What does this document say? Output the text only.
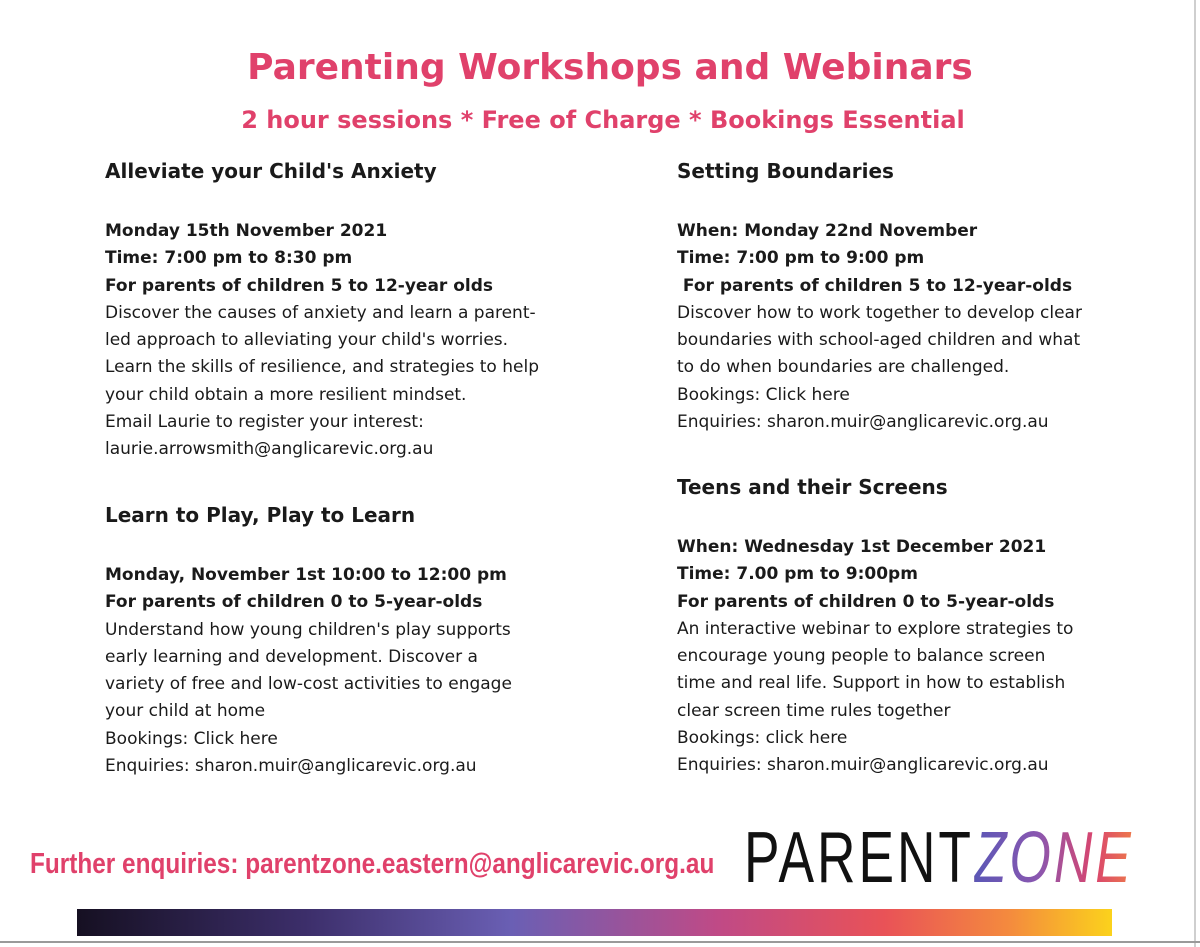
Parenting Workshops and Webinars
2 hour sessions * Free of Charge * Bookings Essential
Alleviate your Child's Anxiety
Monday 15th November 2021
Time: 7:00 pm to 8:30 pm
For parents of children 5 to 12-year olds
Discover the causes of anxiety and learn a parent-
led approach to alleviating your child's worries.
Learn the skills of resilience, and strategies to help
your child obtain a more resilient mindset.
Email Laurie to register your interest:
laurie.arrowsmith@anglicarevic.org.au
Learn to Play, Play to Learn
Monday, November 1st 10:00 to 12:00 pm
For parents of children 0 to 5-year-olds
Understand how young children's play supports
early learning and development. Discover a
variety of free and low-cost activities to engage
your child at home
Bookings: Click here
Enquiries: sharon.muir@anglicarevic.org.au
Setting Boundaries
When: Monday 22nd November
Time: 7:00 pm to 9:00 pm
For parents of children 5 to 12-year-olds
Discover how to work together to develop clear
boundaries with school-aged children and what
to do when boundaries are challenged.
Bookings: Click here
Enquiries: sharon.muir@anglicarevic.org.au
Teens and their Screens
When: Wednesday 1st December 2021
Time: 7.00 pm to 9:00pm
For parents of children 0 to 5-year-olds
An interactive webinar to explore strategies to
encourage young people to balance screen
time and real life. Support in how to establish
clear screen time rules together
Bookings: click here
Enquiries: sharon.muir@anglicarevic.org.au
Further enquiries: parentzone.eastern@anglicarevic.org.au PARENTZONE
